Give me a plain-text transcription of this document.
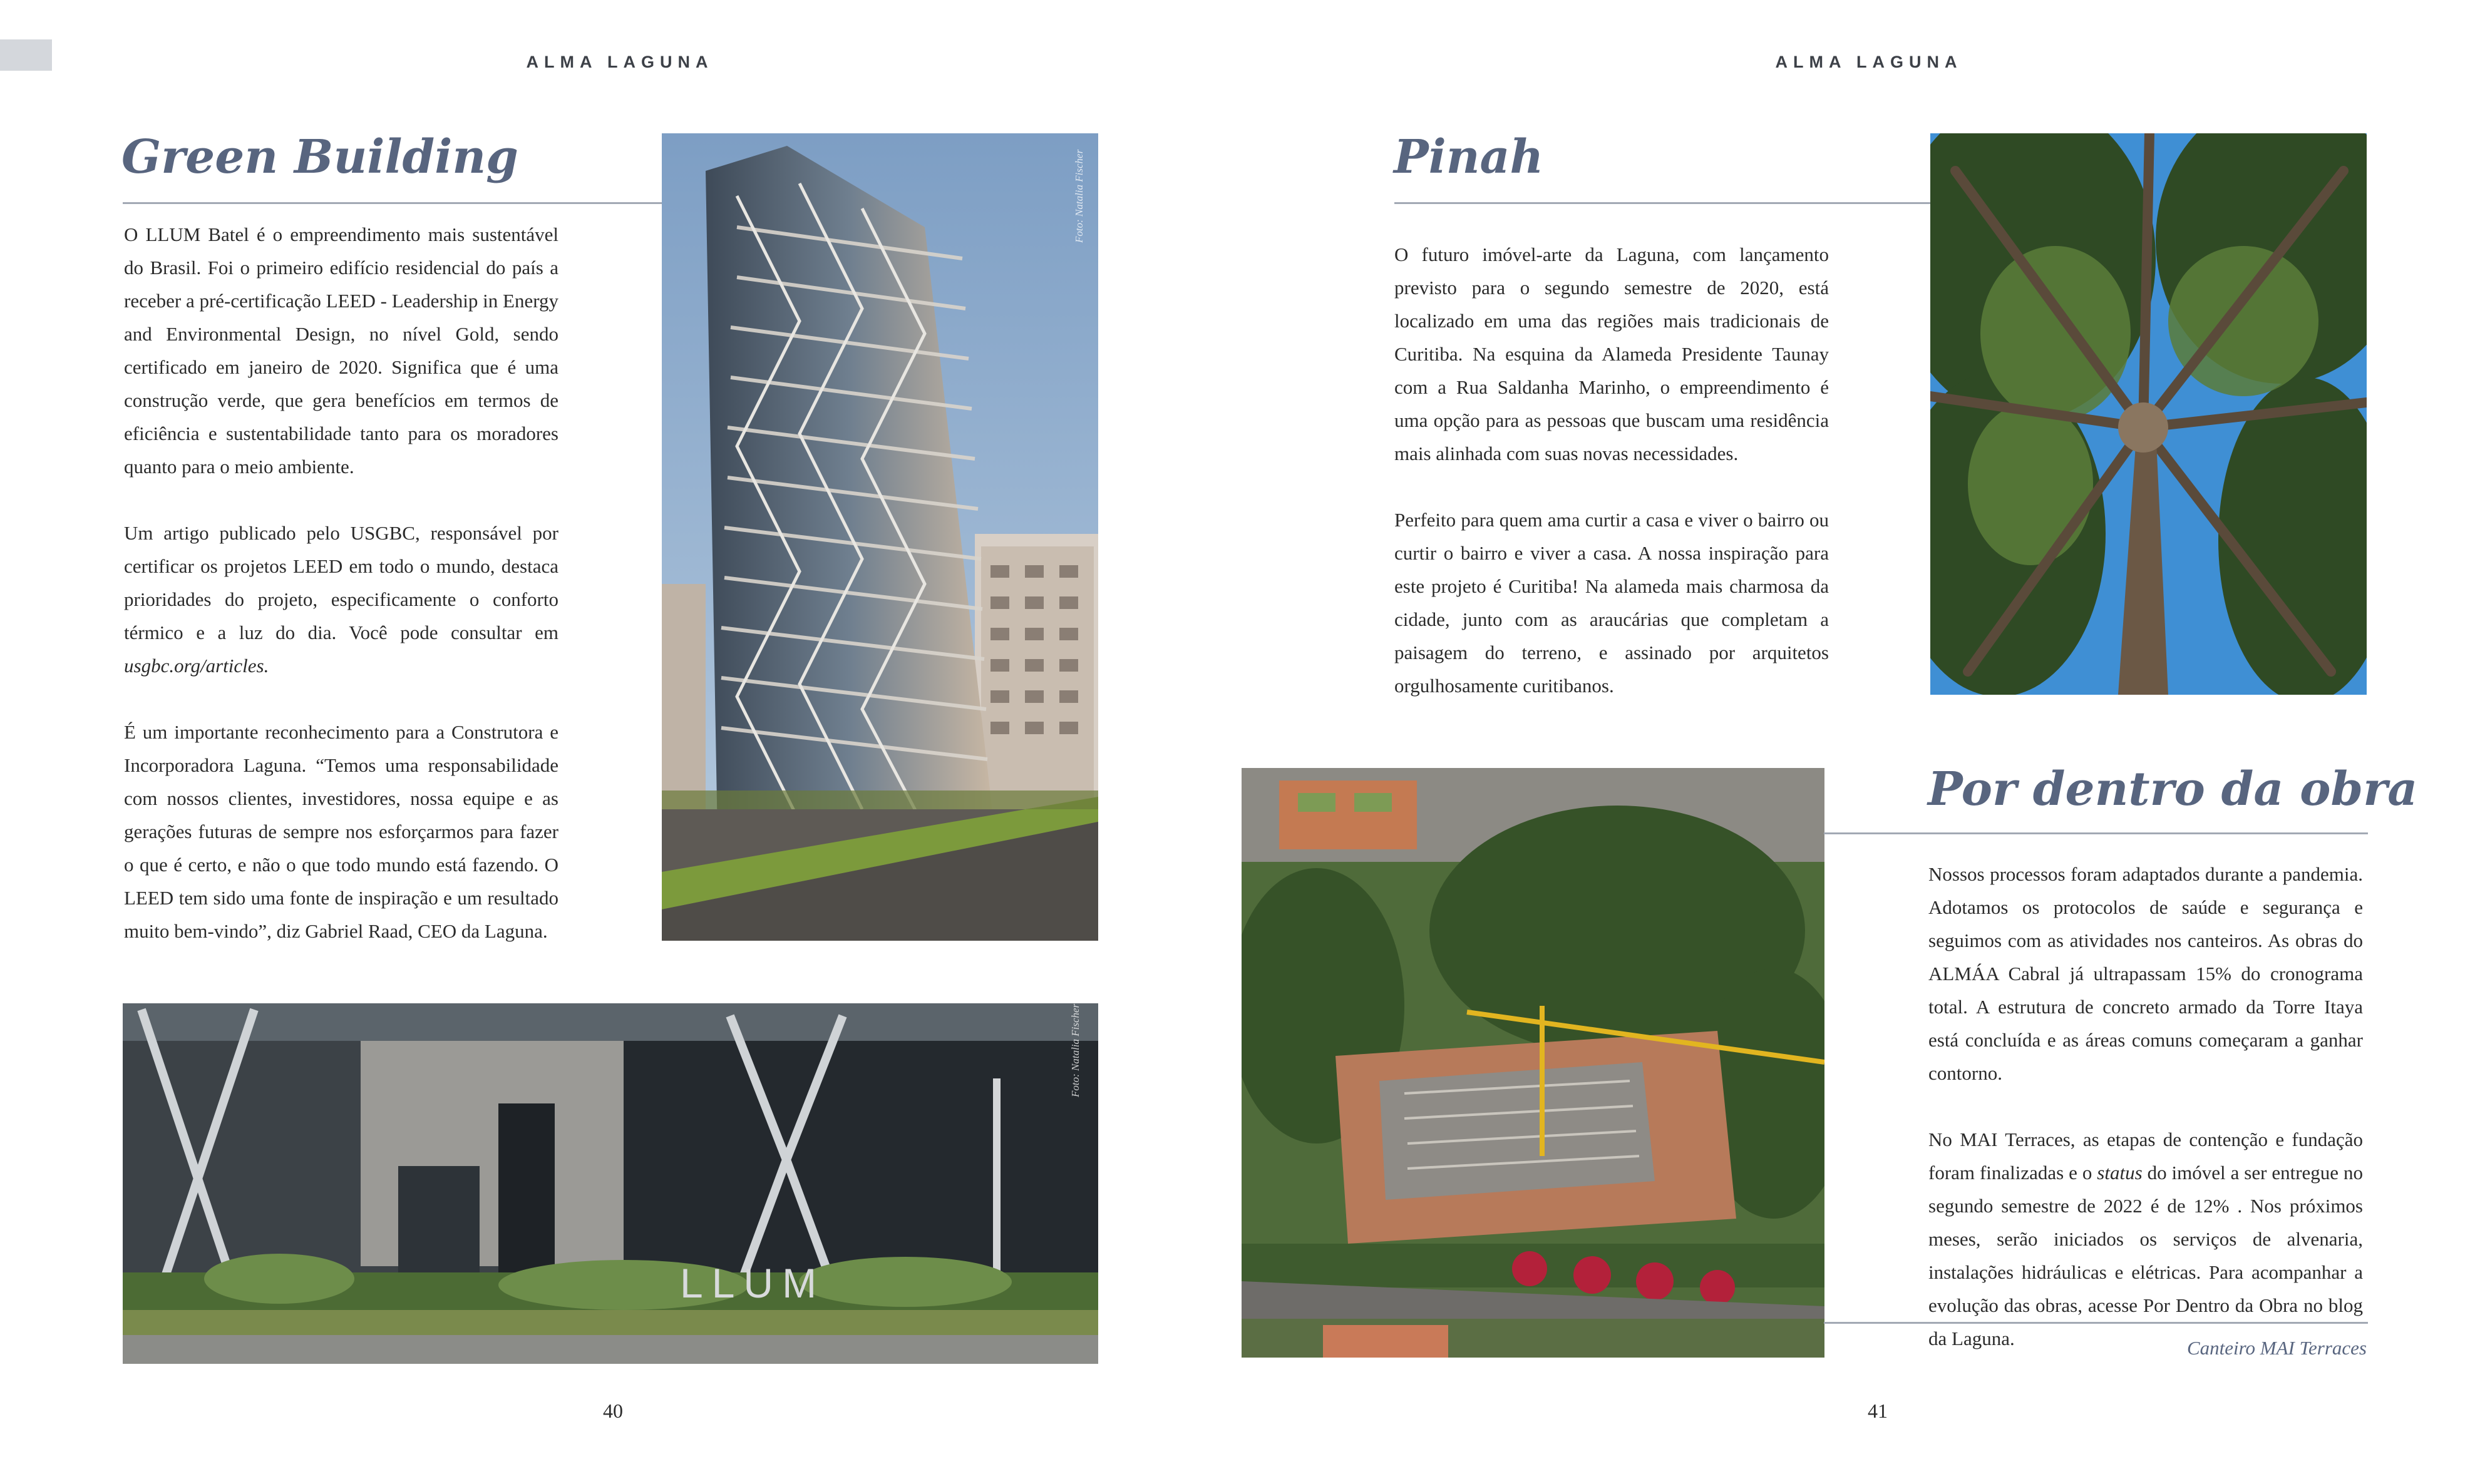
ALMA LAGUNA
Green Building

O LLUM Batel é o empreendimento mais sustentável do Brasil. Foi o primeiro edifício residencial do país a receber a pré-certificação LEED - Leadership in Energy and Environmental Design, no nível Gold, sendo certificado em janeiro de 2020. Significa que é uma construção verde, que gera benefícios em termos de eficiência e sustentabilidade tanto para os moradores quanto para o meio ambiente.

Um artigo publicado pelo USGBC, responsável por certificar os projetos LEED em todo o mundo, destaca prioridades do projeto, especificamente o conforto térmico e a luz do dia. Você pode consultar em usgbc.org/articles.

É um importante reconhecimento para a Construtora e Incorporadora Laguna. “Temos uma responsabilidade com nossos clientes, investidores, nossa equipe e as gerações futuras de sempre nos esforçarmos para fazer o que é certo, e não o que todo mundo está fazendo. O LEED tem sido uma fonte de inspiração e um resultado muito bem-vindo”, diz Gabriel Raad, CEO da Laguna.

Foto: Natalia Fischer
LLUM
Foto: Natalia Fischer
40
ALMA LAGUNA
Pinah

O futuro imóvel-arte da Laguna, com lançamento previsto para o segundo semestre de 2020, está localizado em uma das regiões mais tradicionais de Curitiba. Na esquina da Alameda Presidente Taunay com a Rua Saldanha Marinho, o empreendimento é uma opção para as pessoas que buscam uma residência mais alinhada com suas novas necessidades.

Perfeito para quem ama curtir a casa e viver o bairro ou curtir o bairro e viver a casa. A nossa inspiração para este projeto é Curitiba! Na alameda mais charmosa da cidade, junto com as araucárias que completam a paisagem do terreno, e assinado por arquitetos orgulhosamente curitibanos.

Por dentro da obra

Nossos processos foram adaptados durante a pandemia. Adotamos os protocolos de saúde e segurança e seguimos com as atividades nos canteiros. As obras do ALMÁA Cabral já ultrapassam 15% do cronograma total. A estrutura de concreto armado da Torre Itaya está concluída e as áreas comuns começaram a ganhar contorno.

No MAI Terraces, as etapas de contenção e fundação foram finalizadas e o status do imóvel a ser entregue no segundo semestre de 2022 é de 12% . Nos próximos meses, serão iniciados os serviços de alvenaria, instalações hidráulicas e elétricas. Para acompanhar a evolução das obras, acesse Por Dentro da Obra no blog da Laguna.	Canteiro MAI Terraces
41
